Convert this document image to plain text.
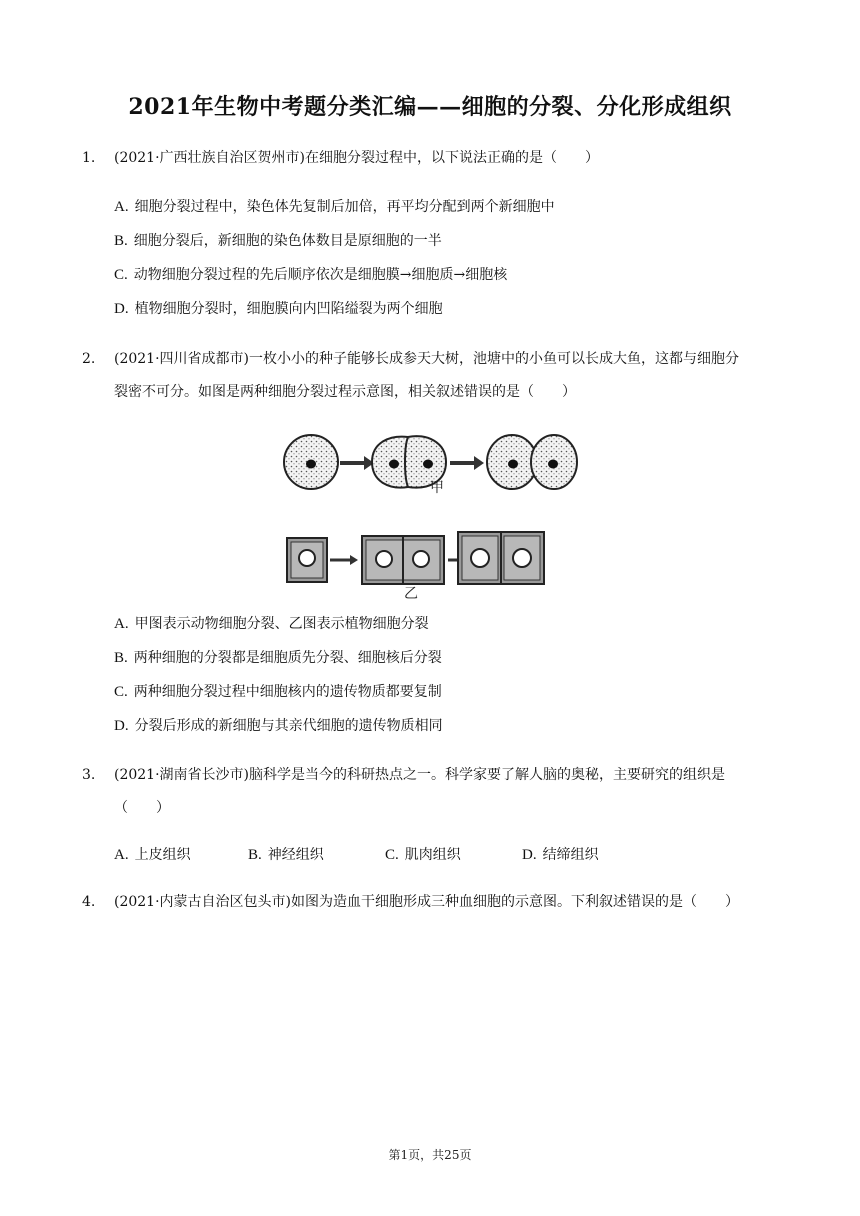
2021年生物中考题分类汇编——细胞的分裂、分化形成组织
1.	(2021·广西壮族自治区贺州市)在细胞分裂过程中，以下说法正确的是（　　）
A. 细胞分裂过程中，染色体先复制后加倍，再平均分配到两个新细胞中
B. 细胞分裂后，新细胞的染色体数目是原细胞的一半
C. 动物细胞分裂过程的先后顺序依次是细胞膜→细胞质→细胞核
D. 植物细胞分裂时，细胞膜向内凹陷缢裂为两个细胞
2.	(2021·四川省成都市)一枚小小的种子能够长成参天大树，池塘中的小鱼可以长成大鱼，这都与细胞分
裂密不可分。如图是两种细胞分裂过程示意图，相关叙述错误的是（　　）
甲
乙
A. 甲图表示动物细胞分裂、乙图表示植物细胞分裂
B. 两种细胞的分裂都是细胞质先分裂、细胞核后分裂
C. 两种细胞分裂过程中细胞核内的遗传物质都要复制
D. 分裂后形成的新细胞与其亲代细胞的遗传物质相同
3.	(2021·湖南省长沙市)脑科学是当今的科研热点之一。科学家要了解人脑的奥秘，主要研究的组织是
（　　）
A. 上皮组织	B. 神经组织	C. 肌肉组织	D. 结缔组织
4.	(2021·内蒙古自治区包头市)如图为造血干细胞形成三种血细胞的示意图。下利叙述错误的是（　　）
第1页，共25页
